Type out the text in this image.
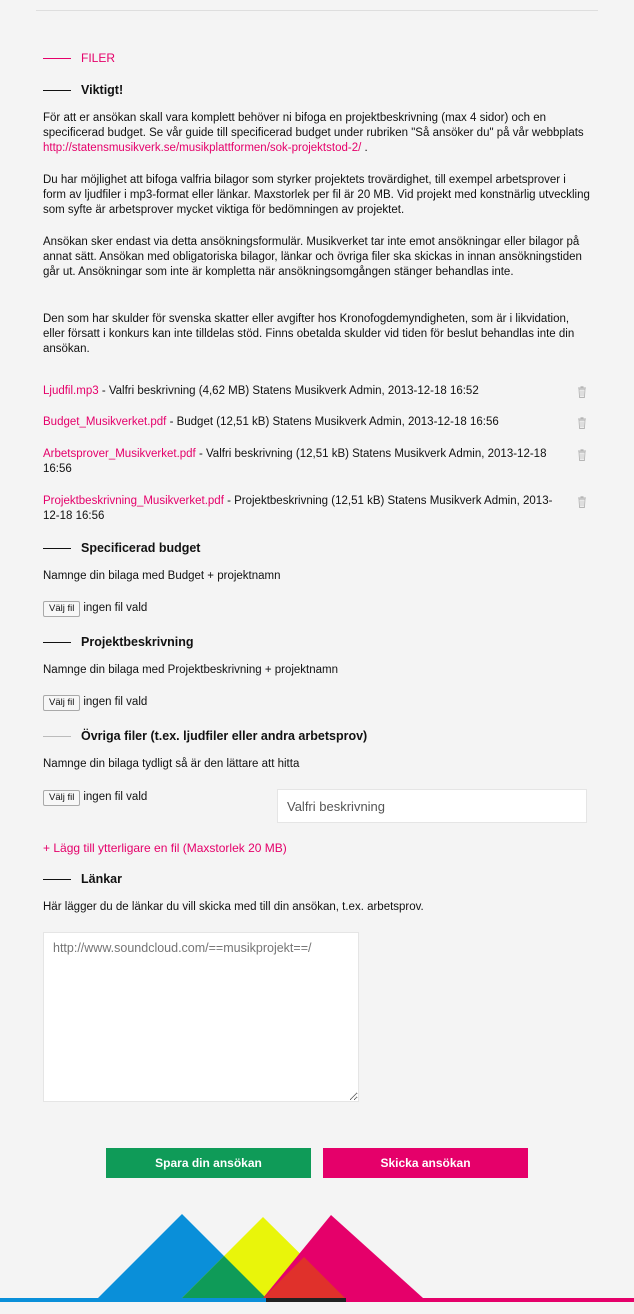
FILER
Viktigt!

För att er ansökan skall vara komplett behöver ni bifoga en projektbeskrivning (max 4 sidor) och en specificerad budget. Se vår guide till specificerad budget under rubriken "Så ansöker du" på vår webbplats http://statensmusikverk.se/musikplattformen/sok-projektstod-2/ .

Du har möjlighet att bifoga valfria bilagor som styrker projektets trovärdighet, till exempel arbetsprover i form av ljudfiler i mp3-format eller länkar. Maxstorlek per fil är 20 MB. Vid projekt med konstnärlig utveckling som syfte är arbetsprover mycket viktiga för bedömningen av projektet.

Ansökan sker endast via detta ansökningsformulär. Musikverket tar inte emot ansökningar eller bilagor på annat sätt. Ansökan med obligatoriska bilagor, länkar och övriga filer ska skickas in innan ansökningstiden går ut. Ansökningar som inte är kompletta när ansökningsomgången stänger behandlas inte.

Den som har skulder för svenska skatter eller avgifter hos Kronofogdemyndigheten, som är i likvidation, eller försatt i konkurs kan inte tilldelas stöd. Finns obetalda skulder vid tiden för beslut behandlas inte din ansökan.

Ljudfil.mp3 - Valfri beskrivning (4,62 MB) Statens Musikverk Admin, 2013-12-18 16:52
Budget_Musikverket.pdf - Budget (12,51 kB) Statens Musikverk Admin, 2013-12-18 16:56
Arbetsprover_Musikverket.pdf - Valfri beskrivning (12,51 kB) Statens Musikverk Admin, 2013-12-18 16:56
Projektbeskrivning_Musikverket.pdf - Projektbeskrivning (12,51 kB) Statens Musikverk Admin, 2013-12-18 16:56
Specificerad budget

Namnge din bilaga med Budget + projektnamn

Välj fil ingen fil vald
Projektbeskrivning

Namnge din bilaga med Projektbeskrivning + projektnamn

Välj fil ingen fil vald
Övriga filer (t.ex. ljudfiler eller andra arbetsprov)

Namnge din bilaga tydligt så är den lättare att hitta

Välj fil ingen fil vald
+ Lägg till ytterligare en fil (Maxstorlek 20 MB)
Länkar

Här lägger du de länkar du vill skicka med till din ansökan, t.ex. arbetsprov.

Valfri beskrivning
http://www.soundcloud.com/==musikprojekt==/
Spara din ansökan	Skicka ansökan
